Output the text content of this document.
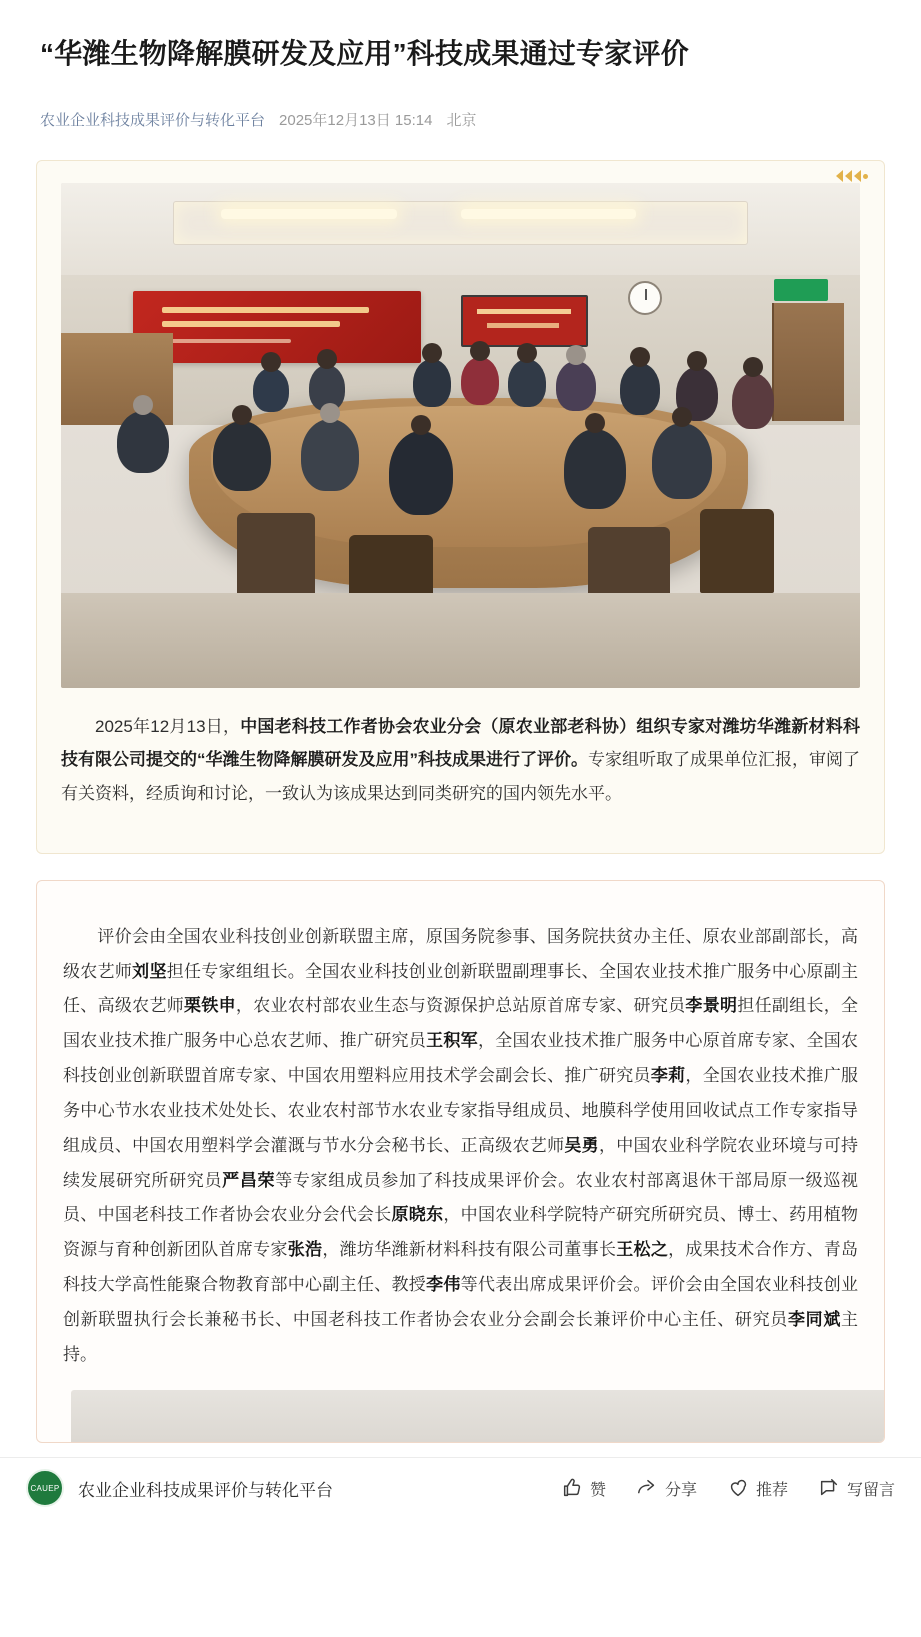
“华潍生物降解膜研发及应用”科技成果通过专家评价
农业企业科技成果评价与转化平台 2025年12月13日 15:14 北京

2025年12月13日，中国老科技工作者协会农业分会（原农业部老科协）组织专家对潍坊华潍新材料科技有限公司提交的“华潍生物降解膜研发及应用”科技成果进行了评价。专家组听取了成果单位汇报，审阅了有关资料，经质询和讨论，一致认为该成果达到同类研究的国内领先水平。

评价会由全国农业科技创业创新联盟主席，原国务院参事、国务院扶贫办主任、原农业部副部长，高级农艺师刘坚担任专家组组长。全国农业科技创业创新联盟副理事长、全国农业技术推广服务中心原副主任、高级农艺师栗铁申，农业农村部农业生态与资源保护总站原首席专家、研究员李景明担任副组长，全国农业技术推广服务中心总农艺师、推广研究员王积军，全国农业技术推广服务中心原首席专家、全国农科技创业创新联盟首席专家、中国农用塑料应用技术学会副会长、推广研究员李莉，全国农业技术推广服务中心节水农业技术处处长、农业农村部节水农业专家指导组成员、地膜科学使用回收试点工作专家指导组成员、中国农用塑料学会灌溉与节水分会秘书长、正高级农艺师吴勇，中国农业科学院农业环境与可持续发展研究所研究员严昌荣等专家组成员参加了科技成果评价会。农业农村部离退休干部局原一级巡视员、中国老科技工作者协会农业分会代会长原晓东，中国农业科学院特产研究所研究员、博士、药用植物资源与育种创新团队首席专家张浩，潍坊华潍新材料科技有限公司董事长王松之，成果技术合作方、青岛科技大学高性能聚合物教育部中心副主任、教授李伟等代表出席成果评价会。评价会由全国农业科技创业创新联盟执行会长兼秘书长、中国老科技工作者协会农业分会副会长兼评价中心主任、研究员李同斌主持。

CAUEP 农业企业科技成果评价与转化平台	赞	分享	推荐	写留言
